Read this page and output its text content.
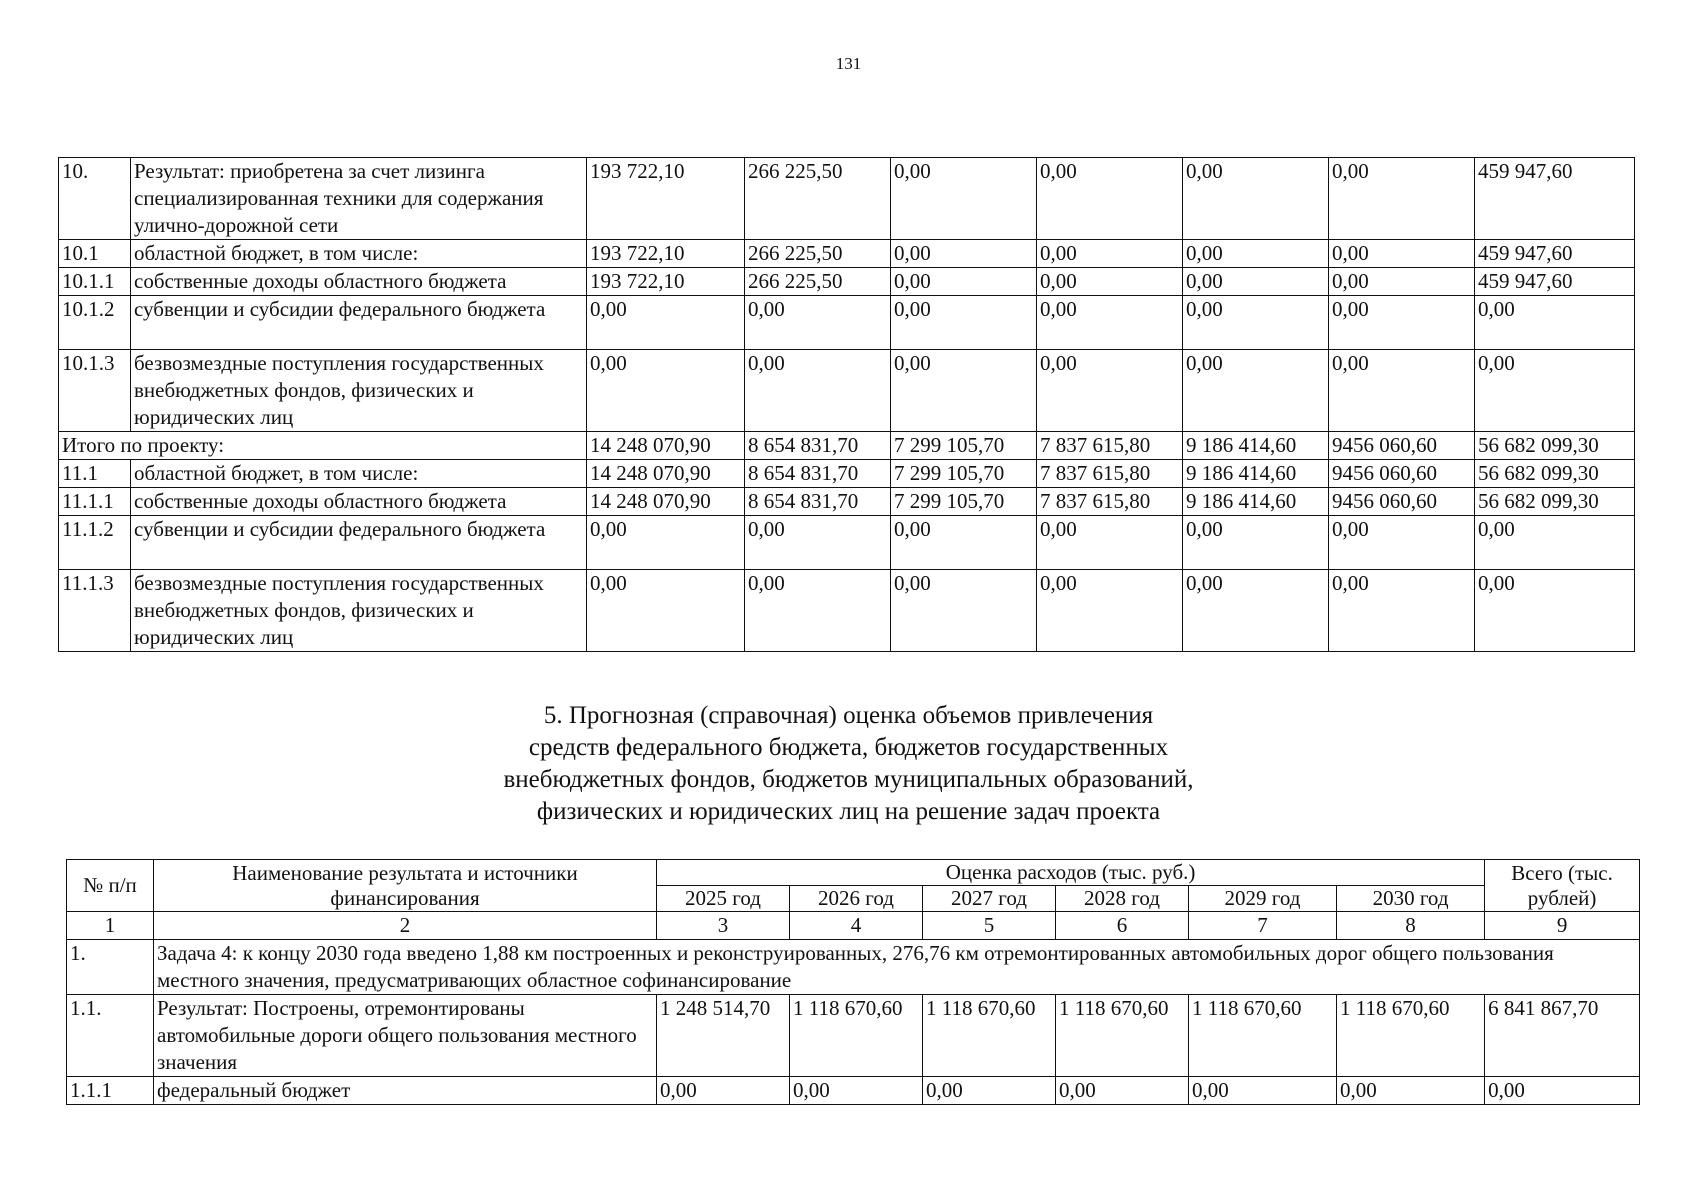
131
10.	Результат: приобретена за счет лизинга специализированная техники для содержания улично-дорожной сети	193 722,10	266 225,50	0,00	0,00	0,00	0,00	459 947,60
10.1	областной бюджет, в том числе:	193 722,10	266 225,50	0,00	0,00	0,00	0,00	459 947,60
10.1.1	собственные доходы областного бюджета	193 722,10	266 225,50	0,00	0,00	0,00	0,00	459 947,60
10.1.2	субвенции и субсидии федерального бюджета	0,00	0,00	0,00	0,00	0,00	0,00	0,00
10.1.3	безвозмездные поступления государственных внебюджетных фондов, физических и юридических лиц	0,00	0,00	0,00	0,00	0,00	0,00	0,00
Итого по проекту:		14 248 070,90	8 654 831,70	7 299 105,70	7 837 615,80	9 186 414,60	9456 060,60	56 682 099,30
11.1	областной бюджет, в том числе:	14 248 070,90	8 654 831,70	7 299 105,70	7 837 615,80	9 186 414,60	9456 060,60	56 682 099,30
11.1.1	собственные доходы областного бюджета	14 248 070,90	8 654 831,70	7 299 105,70	7 837 615,80	9 186 414,60	9456 060,60	56 682 099,30
11.1.2	субвенции и субсидии федерального бюджета	0,00	0,00	0,00	0,00	0,00	0,00	0,00
11.1.3	безвозмездные поступления государственных внебюджетных фондов, физических и юридических лиц	0,00	0,00	0,00	0,00	0,00	0,00	0,00
5. Прогнозная (справочная) оценка объемов привлечения
средств федерального бюджета, бюджетов государственных
внебюджетных фондов, бюджетов муниципальных образований,
физических и юридических лиц на решение задач проекта
№ п/п	Наименование результата и источники финансирования	Оценка расходов (тыс. руб.)						Всего (тыс. рублей)
		2025 год	2026 год	2027 год	2028 год	2029 год	2030 год	
1	2	3	4	5	6	7	8	9
1.	Задача 4: к концу 2030 года введено 1,88 км построенных и реконструированных, 276,76 км отремонтированных автомобильных дорог общего пользования местного значения, предусматривающих областное софинансирование							
1.1.	Результат: Построены, отремонтированы автомобильные дороги общего пользования местного значения	1 248 514,70	1 118 670,60	1 118 670,60	1 118 670,60	1 118 670,60	1 118 670,60	6 841 867,70
1.1.1	федеральный бюджет	0,00	0,00	0,00	0,00	0,00	0,00	0,00
